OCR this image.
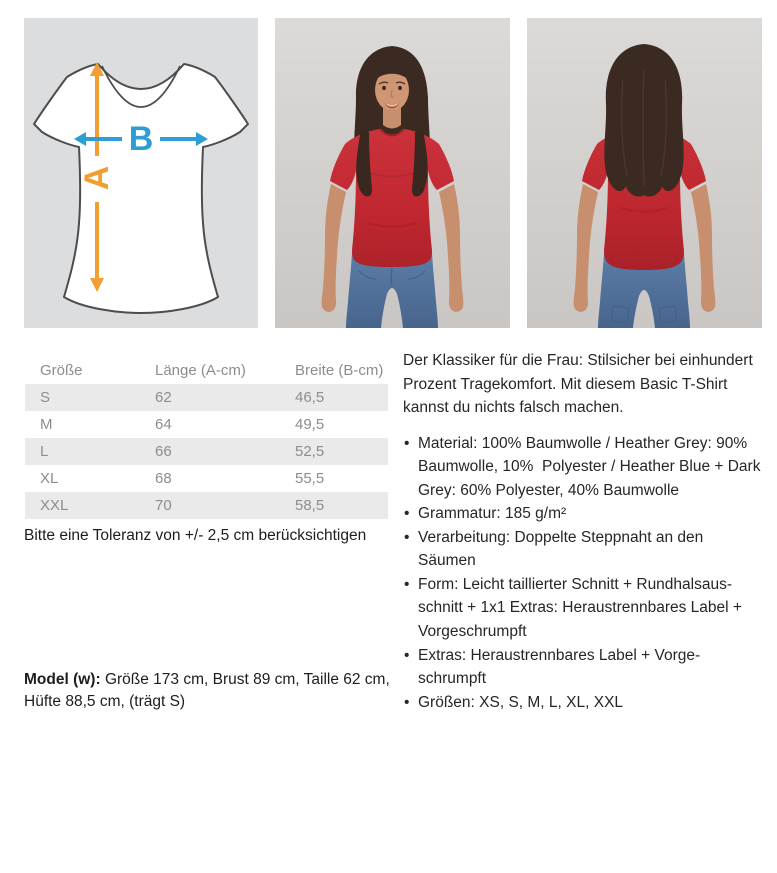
A
B
Größe	Länge (A-cm)	Breite (B-cm)
S	62	46,5
M	64	49,5
L	66	52,5
XL	68	55,5
XXL	70	58,5

Bitte eine Toleranz von +/- 2,5 cm berücksichtigen

Model (w): Größe 173 cm, Brust 89 cm, Taille 62 cm, Hüfte 88,5 cm, (trägt S)

Der Klassiker für die Frau: Stilsicher bei einhundert Prozent Tragekomfort. Mit diesem Basic T-Shirt kannst du nichts falsch machen.

• Material: 100% Baumwolle / Heather Grey: 90% Baumwolle, 10%  Polyester / Heather Blue + Dark Grey: 60% Polyester, 40% Baumwolle
• Grammatur: 185 g/m²
• Verarbeitung: Doppelte Steppnaht an den Säumen
• Form: Leicht taillierter Schnitt + Rundhalsausschnitt + 1x1 Extras: Heraustrennbares Label + Vorgeschrumpft
• Extras: Heraustrennbares Label + Vorgeschrumpft
• Größen: XS, S, M, L, XL, XXL
